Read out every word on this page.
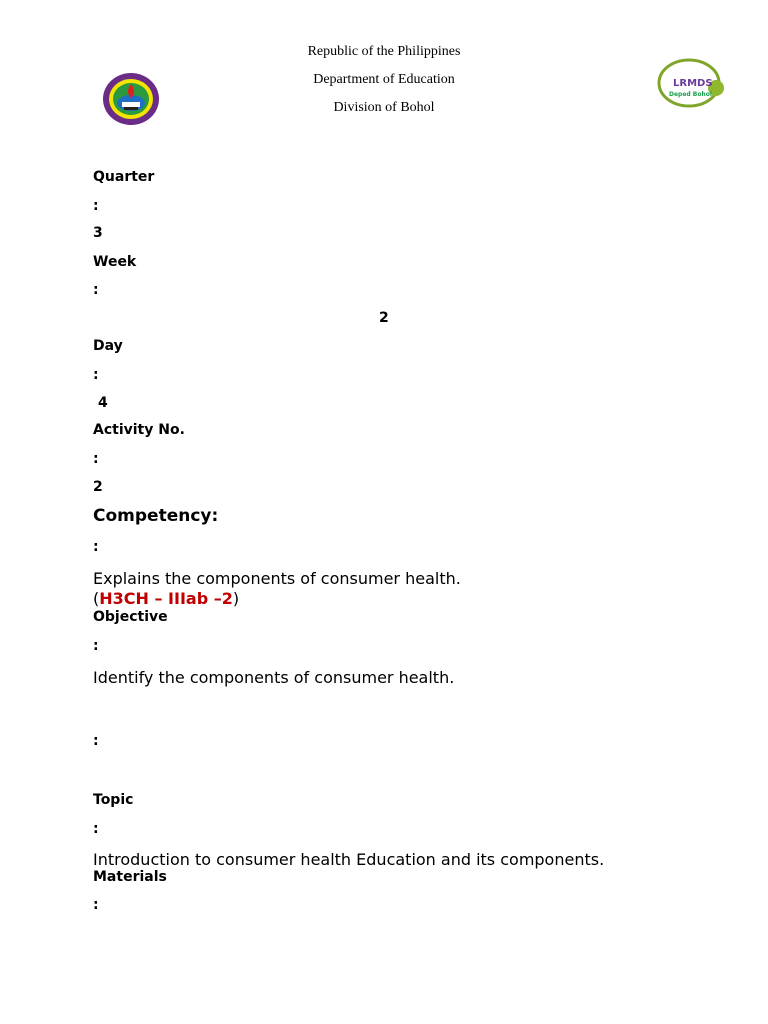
Republic of the Philippines
Department of Education
Division of Bohol
LRMDS
Deped Bohol
Quarter
:
3
Week
:
2
Day
:
4
Activity No.
:
2
Competency:
:
Explains the components of consumer health.
(H3CH – IIIab –2)
Objective
:
Identify the components of consumer health.
:
Topic
:
Introduction to consumer health Education and its components.
Materials
:
